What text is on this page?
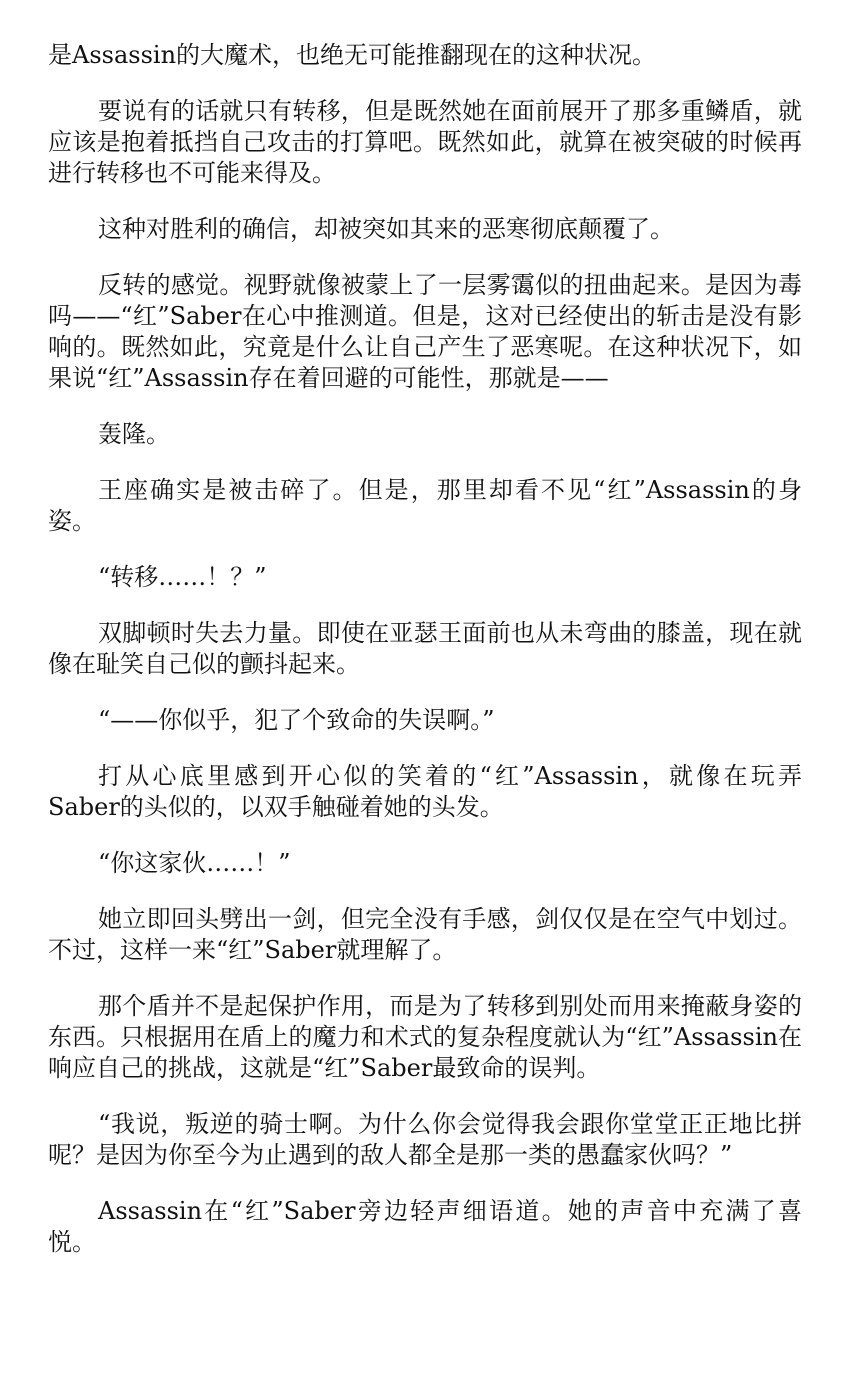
是Assassin的大魔术，也绝无可能推翻现在的这种状况。

要说有的话就只有转移，但是既然她在面前展开了那多重鳞盾，就应该是抱着抵挡自己攻击的打算吧。既然如此，就算在被突破的时候再进行转移也不可能来得及。

这种对胜利的确信，却被突如其来的恶寒彻底颠覆了。

反转的感觉。视野就像被蒙上了一层雾霭似的扭曲起来。是因为毒吗——“红”Saber在心中推测道。但是，这对已经使出的斩击是没有影响的。既然如此，究竟是什么让自己产生了恶寒呢。在这种状况下，如果说“红”Assassin存在着回避的可能性，那就是——

轰隆。

王座确实是被击碎了。但是，那里却看不见“红”Assassin的身姿。

“转移……！？”

双脚顿时失去力量。即使在亚瑟王面前也从未弯曲的膝盖，现在就像在耻笑自己似的颤抖起来。

“——你似乎，犯了个致命的失误啊。”

打从心底里感到开心似的笑着的“红”Assassin，就像在玩弄Saber的头似的，以双手触碰着她的头发。

“你这家伙……！”

她立即回头劈出一剑，但完全没有手感，剑仅仅是在空气中划过。不过，这样一来“红”Saber就理解了。

那个盾并不是起保护作用，而是为了转移到别处而用来掩蔽身姿的东西。只根据用在盾上的魔力和术式的复杂程度就认为“红”Assassin在响应自己的挑战，这就是“红”Saber最致命的误判。

“我说，叛逆的骑士啊。为什么你会觉得我会跟你堂堂正正地比拼呢？是因为你至今为止遇到的敌人都全是那一类的愚蠢家伙吗？”

Assassin在“红”Saber旁边轻声细语道。她的声音中充满了喜悦。
